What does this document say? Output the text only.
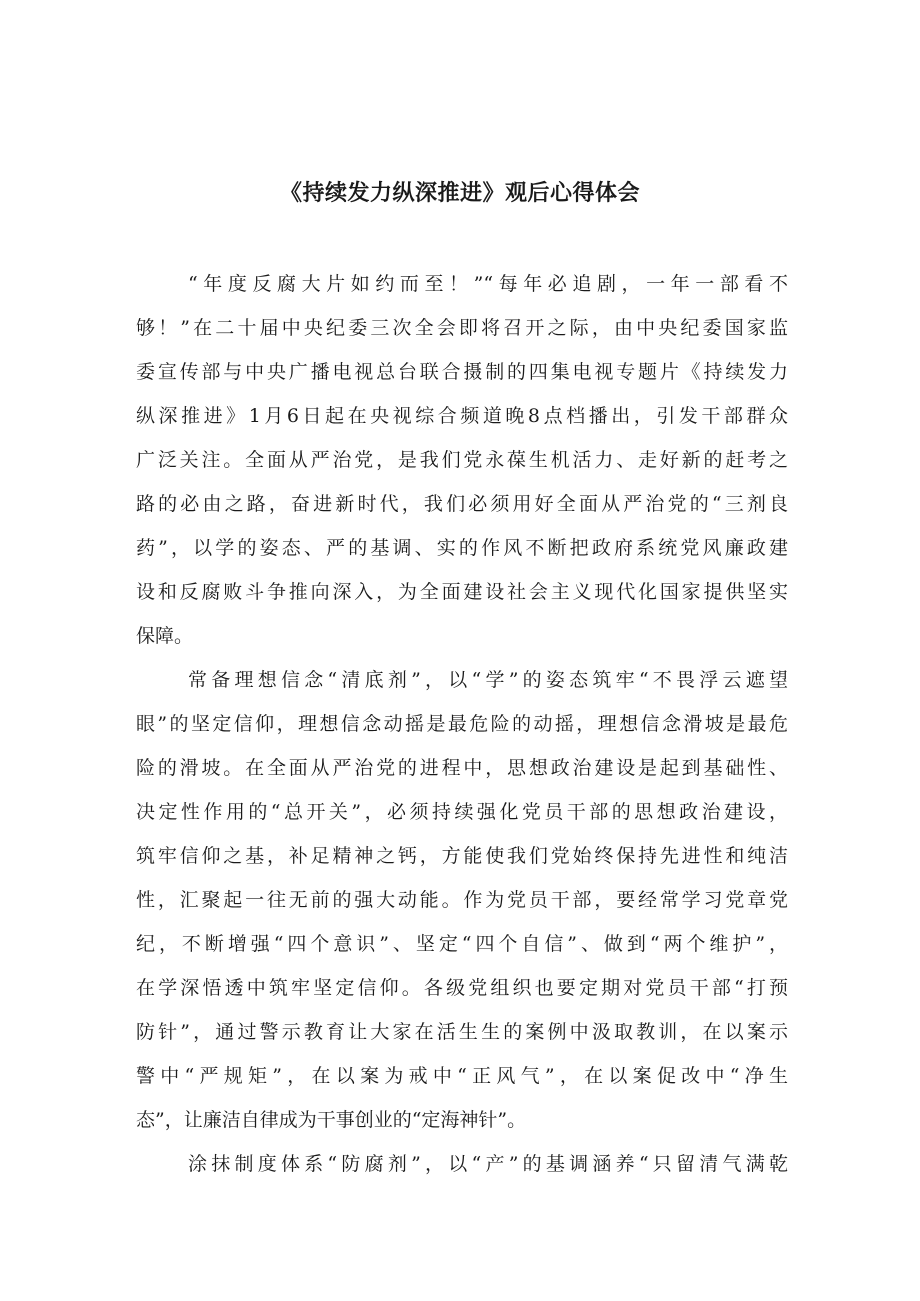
《持续发力纵深推进》观后心得体会
“年度反腐大片如约而至！”“每年必追剧，一年一部看不
够！”在二十届中央纪委三次全会即将召开之际，由中央纪委国家监
委宣传部与中央广播电视总台联合摄制的四集电视专题片《持续发力
纵深推进》1月6日起在央视综合频道晚8点档播出，引发干部群众
广泛关注。全面从严治党，是我们党永葆生机活力、走好新的赶考之
路的必由之路，奋进新时代，我们必须用好全面从严治党的“三剂良
药”，以学的姿态、严的基调、实的作风不断把政府系统党风廉政建
设和反腐败斗争推向深入，为全面建设社会主义现代化国家提供坚实
保障。
常备理想信念“清底剂”，以“学”的姿态筑牢“不畏浮云遮望
眼”的坚定信仰，理想信念动摇是最危险的动摇，理想信念滑坡是最危
险的滑坡。在全面从严治党的进程中，思想政治建设是起到基础性、
决定性作用的“总开关”，必须持续强化党员干部的思想政治建设，
筑牢信仰之基，补足精神之钙，方能使我们党始终保持先进性和纯洁
性，汇聚起一往无前的强大动能。作为党员干部，要经常学习党章党
纪，不断增强“四个意识”、坚定“四个自信”、做到“两个维护”，
在学深悟透中筑牢坚定信仰。各级党组织也要定期对党员干部“打预
防针”，通过警示教育让大家在活生生的案例中汲取教训，在以案示
警中“严规矩”，在以案为戒中“正风气”，在以案促改中“净生
态”，让廉洁自律成为干事创业的“定海神针”。
涂抹制度体系“防腐剂”，以“产”的基调涵养“只留清气满乾
